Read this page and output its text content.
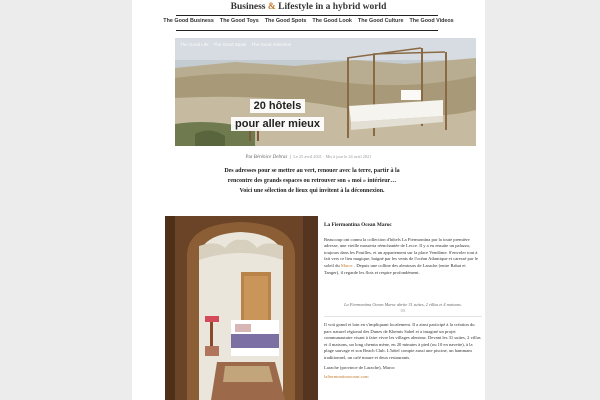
Business & Lifestyle in a hybrid world
The Good Business The Good Toys The Good Spots The Good Look The Good Culture The Good Videos
The Good Life The Good Spots The Good Selection
20 hôtels
pour aller mieux
Par Bérénice Debras  |  Le 25 avril 2021 · Mis à jour le 24 avril 2021
Des adresses pour se mettre au vert, renouer avec la terre, partir à la rencontre des grands espaces ou retrouver son « moi » intérieur… Voici une sélection de lieux qui invitent à la déconnexion.
La Fiermontina Ocean Maroc

Beaucoup ont connu la collection d'hôtels La Fiermontina par la toute première adresse, une vieille masseria réenchantée de Lecce. Il y a eu ensuite un palazzo, toujours dans les Pouilles, et un appartement sur la place Vendôme. S'envoler tout à fait vers ce lieu magique, baigné par les vents de l'océan Atlantique et caressé par le soleil du Maroc . Depuis une colline des alentours de Larache (entre Rabat et Tanger), il regarde les flots et respire profondément.

La Fiermontina Ocean Maroc abrite 31 suites, 2 villas et 4 maisons.
DR

Il voit grand et loin en s'impliquant localement. Il a ainsi participé à la création du parc naturel régional des Dunes de Khemis Sahel et a imaginé un projet communautaire visant à faire vivre les villages alentour. Devant les 31 suites, 2 villas et 4 maisons, un long chemin mène, en 20 minutes à pied (ou 10 en navette), à la plage sauvage et son Beach Club. L'hôtel compte aussi une piscine, un hammam traditionnel, un café maure et deux restaurants.

Larache (province de Larache), Maroc

lafiermontinaocean.com
